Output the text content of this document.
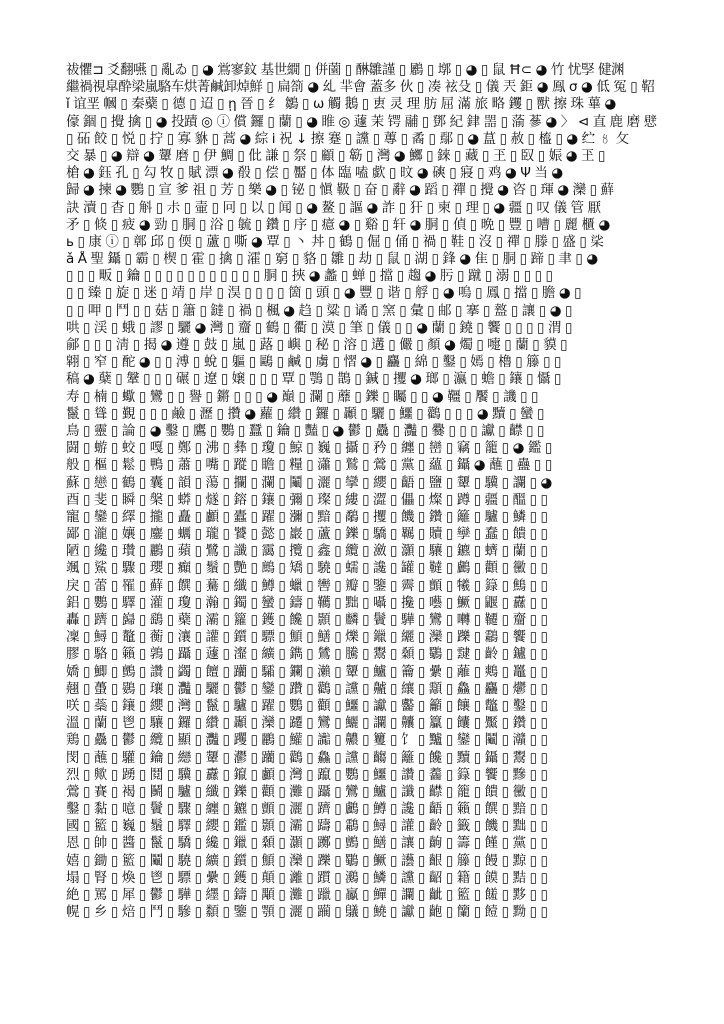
祓懼⊐ 爻翻嚥 ▯ 亂ゐ ▯ ◕ 鴬寥鈫 基世繝 ▯ 併薗 ▯ 醂雛謹 ▯ 鷵 ▯ 墎 ▯ ◕ ▯ 鼠 Ħ⊂ ◕ 竹 忧孯 健渊
繼禍視皐酔梁嵐駱车烘菁鹹卸焯鮮 ▯ 扁箚 ◕ 乣 羋會 蓋多 伙 ▯ 凑 袨殳 ▯ 儀 兲 鉅 ◕ 鳯 σ ◕ 低 冤 ▯ 鞀
ǐ 谊垩 幗 ▯ 秦蘗 ▯ 德 ▯ 迢 ▯ ῃ 晉 ▯ 纟 鶵 ▯ ω 觸 鵝 ▯ 叀 灵 理 肪 屈 滿 旅 略 钁 ▯ 獸 擦 珠 蓽 ◕
儫 錮 ▯ 攪 擒 ▯ ◕ 投蹟 ◎ ⓘ 償 鑼 ▯ 蘭 ▯ ◕ 睢 ◎ 蘧 茉 锷 鬴 ▯ 鄧 紀 銉 噐 ▯ 蕍 蔘 ◕ 〉 ⊲ 直 鹿 磨 憵
▯ 砳 餃 ▯ 悦 ▯ 拧 ▯ 寡 貅 ▯ 蒿 ◕ 綜 ⅰ 祝 ↓ 擦 蹇 ▯ 讜 ▯ 蓴 ▯ 矞 ▯ 鄢 ▯ ◕ 蒀 ▯ 赦 ▯ 橀 ▯ ◕ 纻 〥 攵
交 暴 ▯ ◕ 辯 ◕ 顰 磨 ▯ 伊 鯛 ▯ 仳 謙 ▯ 祭 ▯ 顧 ▯ 簕 ▯ 灣 ◕ 鱜 ▯ 錸 ▯ 藏 ▯ 玊 ▯ 臤 ▯ 娠 ◕ 玊 ▯
槍 ◕ 鈺 孔 ▯ 勾 牧 ▯ 賦 漂 ◕ 殽 ▯ 偿 ▯ 靨 ▯ 体 臨 嗑 歔 ▯ 旼 ◕ 磢 ▯ 寢 ▯ 鸡 ◕ Ψ 当 ◕
歸 ◕ 揀 ◕ 鸚 ▯ 宣 爹 祖 ▯ 芳 ▯ 樂 ◕ ▯ 铋 ▯ 愼 靸 ▯ 奋 ▯ 辭 ◕ 蹈 ▯ 禪 ▯ 攪 ◕ 咨 ▯ 琿 ◕ 灤 ▯ 蘚
訣 瀆 ▯ 杳 ▯ 斛 ▯ 尗 ▯ 壷 ▯ 冋 ▯ 以 ▯ 闻 ▯ ◕ 鳌 ▯ 謳 ◕ 詐 ▯ 犴 ▯ 柬 ▯ 理 ▯ ◕ 疆 ▯ 叹 儀 管 厭
矛 ▯ 倐 ▯ 疲 ◕ 勁 ▯ 胴 ▯ 浴 ▯ 毓 ▯ 鑽 ▯ 序 ▯ 癔 ◕ ▯ 谿 ▯ 轩 ◕ 胴 ▯ 偵 ▯ 晩 ▯ 豐 ▯ 嘈 ▯ 麗 櫃 ◕
ь ▯ 康 ⓘ ▯ 鄣 邱 ▯ 偄 ▯ 蘆 ▯ 嘶 ◕ 覃 ▯ ⼂ 丼 ▯ 鶴 ▯ 倔 ▯ 俑 ▯ 禍 ▯ 鞋 ▯ 沒 ▯ 禪 ▯ 滕 ▯ 盛 ▯ 桬
ǎ Å 聖 鑷 ▯ 霸 ▯ 楔 ▯ 霍 ▯ 擒 ▯ 瀖 ▯ 窮 ▯ 貉 ▯ 雛 ▯ 劫 ▯ 鼠 ▯ 湖 ▯ 鋒 ◕ 隹 ▯ 胴 ▯ 蹄 ▯ 聿 ▯ ◕
▯ ▯ ▯ 畈 ▯ 鑰 ▯ ▯ ▯ ▯ ▯ ▯ ▯ ▯ ▯ ▯ ▯ 胴 ▯ 挾 ◕ 蠡 ▯ 蝉 ▯ 擋 ▯ 趨 ◕ 肟 ▯ 蹴 ▯ 溺 ▯ ▯ ▯ ▯
▯ ▯ 臻 ▯ 旋 ▯ 迷 ▯ 靖 ▯ 岸 ▯ 淏 ▯ ▯ ▯ ▯ 箇 ▯ 頭 ▯ ◕ 豐 ▯ 谐 ▯ 艀 ▯ ◕ 嗚 ▯ 鳳 ▯ 擋 ▯ 膽 ◕ ▯
▯ ▯ 呷 ▯ 鬥 ▯ ▯ 菇 ▯ 簫 ▯ 鐽 ▯ 禍 ▯ 楓 ◕ 趋 ▯ 粱 ▯ 谲 ▯ 窯 ▯ 彙 ▯ 邮 ▯ 搴 ▯ 盩 ▯ 讓 ▯ ◕ ▯
哄 ▯ 渓 ▯ 蛾 ▯ 謬 ▯ 驪 ◕ 灣 ▯ 齏 ▯ 鶴 ▯ 衢 ▯ 漠 ▯ 筆 ▯ 儀 ▯ ▯ ◕ 蘭 ▯ 鐃 ▯ 饗 ▯ ▯ ▯ ▯ 渭 ▯
鄃 ▯ ▯ ▯ 淸 ▯ 揭 ◕ 遵 ▯ 鼓 ▯ 嵐 ▯ 蕗 ▯ 嶼 ▯ 秘 ▯ 溶 ▯ 遘 ▯ 儼 ▯ 顏 ◕ 燭 ▯ 嚏 ▯ 蘭 ▯ 貘 ▯
翶 ▯ 窄 ▯ 酡 ◕ ▯ ▯ 溥 ▯ 蛻 ▯ 軀 ▯ 鷗 ▯ 鹹 ▯ 虜 ▯ 慴 ◕ ▯ 麤 ▯ 綿 ▯ 鑿 ▯ 嫣 ▯ 櫓 ▯ 籐 ▯ ▯
稿 ◕ 蘖 ▯ 鞶 ▯ ▯ ▯ 碾 ▯ 遼 ▯ 嬢 ▯ ▯ ▯ 覃 ▯ 鶚 ▯ 鵲 ▯ 鍼 ▯ 攫 ◕ 瑯 ▯ 瀛 ▯ 蟾 ▯ 鑲 ▯ 懾 ▯
寿 ▯ 楠 ▯ 蠍 ▯ 鸞 ▯ ▯ 譽 ▯ 鏘 ▯ ▯ ▯ ◕ 巔 ▯ 瀾 ▯ 蘼 ▯ 鑠 ▯ 矚 ▯ ▯ ◕ 韁 ▯ 饜 ▯ 譏 ▯ ▯
鬣 ▯ 聳 ▯ 覲 ▯ ▯ ▯ 鹼 ▯ 瀝 ▯ 攢 ◕ 蘿 ▯ 纘 ▯ 鑼 ▯ 顳 ▯ 驪 ▯ 鱷 ▯ 鸛 ▯ ▯ ▯ ◕ 黷 ▯ 蠻 ▯
鳥 ▯ 靈 ▯ 論 ▯ ◕ 鑿 ▯ 鷹 ▯ 鸚 ▯ 蠶 ▯ 鑰 ▯ 豔 ▯ ◕ 鬱 ▯ 驫 ▯ 灩 ▯ 爨 ▯ ▯ ▯ 讞 ▯ 齽 ▯ ▯
闘 ▯ 蝣 ▯ 蛟 ▯ 嘎 ▯ 鄭 ▯ 沸 ▯ 彝 ▯ 瓊 ▯ 鯨 ▯ 巍 ▯ 攝 ▯ 矜 ▯ 纏 ▯ 巒 ▯ 竊 ▯ 籠 ▯ ◕ 鑑 ▯
般 ▯ 樞 ▯ 鬆 ▯ 鴨 ▯ 蕭 ▯ 嘴 ▯ 蹤 ▯ 瞻 ▯ 糧 ▯ 瀟 ▯ 鷲 ▯ 鶯 ▯ 黨 ▯ 蘊 ▯ 鑷 ◕ 蘸 ▯ 蠱 ▯ ▯
蘇 ▯ 戀 ▯ 鶴 ▯ 囊 ▯ 韻 ▯ 蕩 ▯ 攔 ▯ 瀾 ▯ 鬮 ▯ 灑 ▯ 攣 ▯ 纓 ▯ 齬 ▯ 鹽 ▯ 顰 ▯ 驥 ▯ 讕 ▯ ◕
酉 ▯ 斐 ▯ 瞬 ▯ 槃 ▯ 蟒 ▯ 燧 ▯ 鎔 ▯ 鑲 ▯ 彌 ▯ 璨 ▯ 縷 ▯ 澀 ▯ 儡 ▯ 燦 ▯ 蹲 ▯ 疆 ▯ 醞 ▯ ▯
寵 ▯ 鑾 ▯ 繹 ▯ 攏 ▯ 矗 ▯ 顱 ▯ 蠹 ▯ 躍 ▯ 瀰 ▯ 黯 ▯ 鷸 ▯ 攫 ▯ 饑 ▯ 鑽 ▯ 籬 ▯ 驢 ▯ 鱗 ▯ ▯
鄙 ▯ 瀧 ▯ 孃 ▯ 鏖 ▯ 蠣 ▯ 瓏 ▯ 饕 ▯ 懿 ▯ 巖 ▯ 蘆 ▯ 鑠 ▯ 驕 ▯ 羈 ▯ 贖 ▯ 孿 ▯ 蠢 ▯ 饋 ▯ ▯
陋 ▯ 纔 ▯ 瓚 ▯ 鸝 ▯ 蘋 ▯ 鷺 ▯ 讖 ▯ 靄 ▯ 攬 ▯ 鑫 ▯ 纜 ▯ 瀲 ▯ 灝 ▯ 驤 ▯ 鑣 ▯ 蠐 ▯ 蘭 ▯ ▯
颯 ▯ 鯊 ▯ 驟 ▯ 瓔 ▯ 癲 ▯ 鬚 ▯ 艷 ▯ 鷓 ▯ 矯 ▯ 驍 ▯ 蠕 ▯ 讒 ▯ 罐 ▯ 韃 ▯ 鸕 ▯ 顴 ▯ 黴 ▯ ▯
戾 ▯ 蕾 ▯ 罹 ▯ 蘚 ▯ 饌 ▯ 驀 ▯ 纖 ▯ 鱒 ▯ 蠟 ▯ 轡 ▯ 瓣 ▯ 鑒 ▯ 霽 ▯ 顫 ▯ 犧 ▯ 籙 ▯ 鷦 ▯ ▯
鋁 ▯ 鸚 ▯ 驛 ▯ 灌 ▯ 瓊 ▯ 瀚 ▯ 鐲 ▯ 蠻 ▯ 鑄 ▯ 韉 ▯ 黜 ▯ 囁 ▯ 攙 ▯ 囈 ▯ 鱖 ▯ 鼴 ▯ 纛 ▯ ▯
轟 ▯ 躋 ▯ 巋 ▯ 鷂 ▯ 蘗 ▯ 灞 ▯ 籮 ▯ 鑊 ▯ 饞 ▯ 顥 ▯ 麟 ▯ 鬢 ▯ 驊 ▯ 鸞 ▯ 囀 ▯ 韆 ▯ 齏 ▯ ▯
凜 ▯ 鱘 ▯ 鼇 ▯ 蘅 ▯ 瀼 ▯ 讙 ▯ 鑕 ▯ 驃 ▯ 顦 ▯ 鱔 ▯ 爍 ▯ 鑞 ▯ 纚 ▯ 灤 ▯ 躒 ▯ 鸘 ▯ 饗 ▯ ▯
膠 ▯ 駱 ▯ 籟 ▯ 鶉 ▯ 躡 ▯ 蘧 ▯ 瀣 ▯ 纊 ▯ 鐫 ▯ 鷥 ▯ 騰 ▯ 鬻 ▯ 顙 ▯ 鸀 ▯ 靆 ▯ 齡 ▯ 鑪 ▯ ▯
嬌 ▯ 鯽 ▯ 鸇 ▯ 讚 ▯ 蠲 ▯ 饘 ▯ 躪 ▯ 驦 ▯ 鑭 ▯ 瀨 ▯ 顰 ▯ 鱸 ▯ 籥 ▯ 纍 ▯ 蘺 ▯ 鷞 ▯ 鼉 ▯ ▯
翹 ▯ 蠆 ▯ 鷃 ▯ 瓖 ▯ 灩 ▯ 驪 ▯ 鬱 ▯ 鑾 ▯ 躦 ▯ 鸛 ▯ 讜 ▯ 齇 ▯ 纕 ▯ 顬 ▯ 鱻 ▯ 麤 ▯ 爩 ▯ ▯
咲 ▯ 蘂 ▯ 鑲 ▯ 纓 ▯ 灣 ▯ 鬣 ▯ 驢 ▯ 躍 ▯ 鸚 ▯ 顴 ▯ 鱷 ▯ 讞 ▯ 齾 ▯ 籲 ▯ 饟 ▯ 鼈 ▯ 鑿 ▯ ▯
溫 ▯ 蘭 ▯ 鬯 ▯ 驤 ▯ 鑼 ▯ 纘 ▯ 顳 ▯ 灤 ▯ 躚 ▯ 鸞 ▯ 鱺 ▯ 讕 ▯ 齉 ▯ 籯 ▯ 饢 ▯ 黶 ▯ 鑽 ▯ ▯
鶏 ▯ 驫 ▯ 鬱 ▯ 纜 ▯ 顯 ▯ 灩 ▯ 躩 ▯ 鸝 ▯ 鱹 ▯ 讟 ▯ 齈 ▯ 籰 ▯ 饣 ▯ 黸 ▯ 鑾 ▯ 鬮 ▯ 灨 ▯ ▯
閔 ▯ 蘸 ▯ 驩 ▯ 鑰 ▯ 纞 ▯ 顰 ▯ 灪 ▯ 躪 ▯ 鸛 ▯ 鱻 ▯ 讜 ▯ 齺 ▯ 籬 ▯ 饞 ▯ 黷 ▯ 鑷 ▯ 鬻 ▯ ▯
烈 ▯ 歟 ▯ 踴 ▯ 鬩 ▯ 驥 ▯ 纛 ▯ 鑹 ▯ 顱 ▯ 灣 ▯ 躥 ▯ 鸚 ▯ 鱷 ▯ 讚 ▯ 齹 ▯ 籙 ▯ 饗 ▯ 黲 ▯ ▯
鶯 ▯ 賽 ▯ 褐 ▯ 鬭 ▯ 驢 ▯ 纖 ▯ 鑠 ▯ 顴 ▯ 灘 ▯ 躡 ▯ 鸞 ▯ 鱸 ▯ 讖 ▯ 齽 ▯ 籠 ▯ 饋 ▯ 黴 ▯ ▯
鑿 ▯ 黏 ▯ 噫 ▯ 鬢 ▯ 驟 ▯ 纏 ▯ 鑣 ▯ 顫 ▯ 灑 ▯ 躋 ▯ 鸕 ▯ 鱒 ▯ 讒 ▯ 齬 ▯ 籟 ▯ 饌 ▯ 黯 ▯ ▯
國 ▯ 籃 ▯ 巍 ▯ 鬚 ▯ 驛 ▯ 纓 ▯ 鑑 ▯ 顥 ▯ 灞 ▯ 躊 ▯ 鸘 ▯ 鱘 ▯ 讙 ▯ 齡 ▯ 籤 ▯ 饑 ▯ 黜 ▯ ▯
恩 ▯ 帥 ▯ 醬 ▯ 鬣 ▯ 驕 ▯ 纔 ▯ 鑞 ▯ 顙 ▯ 灝 ▯ 躑 ▯ 鸇 ▯ 鱔 ▯ 讓 ▯ 齣 ▯ 籌 ▯ 饉 ▯ 黨 ▯ ▯
嬉 ▯ 鋤 ▯ 籃 ▯ 鬮 ▯ 驍 ▯ 纊 ▯ 鑕 ▯ 顦 ▯ 灤 ▯ 躒 ▯ 鸀 ▯ 鱖 ▯ 讛 ▯ 齦 ▯ 籐 ▯ 饅 ▯ 黥 ▯ ▯
塌 ▯ 腎 ▯ 煥 ▯ 鬯 ▯ 驃 ▯ 纍 ▯ 鑊 ▯ 顛 ▯ 灕 ▯ 躓 ▯ 鸂 ▯ 鱗 ▯ 讜 ▯ 齠 ▯ 籍 ▯ 饃 ▯ 黠 ▯ ▯
絶 ▯ 罵 ▯ 犀 ▯ 鬱 ▯ 驊 ▯ 纆 ▯ 鑄 ▯ 顒 ▯ 灘 ▯ 躐 ▯ 鸁 ▯ 鱓 ▯ 讕 ▯ 齜 ▯ 籃 ▯ 饈 ▯ 黟 ▯ ▯
幌 ▯ 乡 ▯ 焙 ▯ 鬥 ▯ 驂 ▯ 纇 ▯ 鑒 ▯ 顎 ▯ 灑 ▯ 躏 ▯ 鸃 ▯ 鱙 ▯ 讞 ▯ 齙 ▯ 籣 ▯ 饐 ▯ 黝 ▯ ▯
